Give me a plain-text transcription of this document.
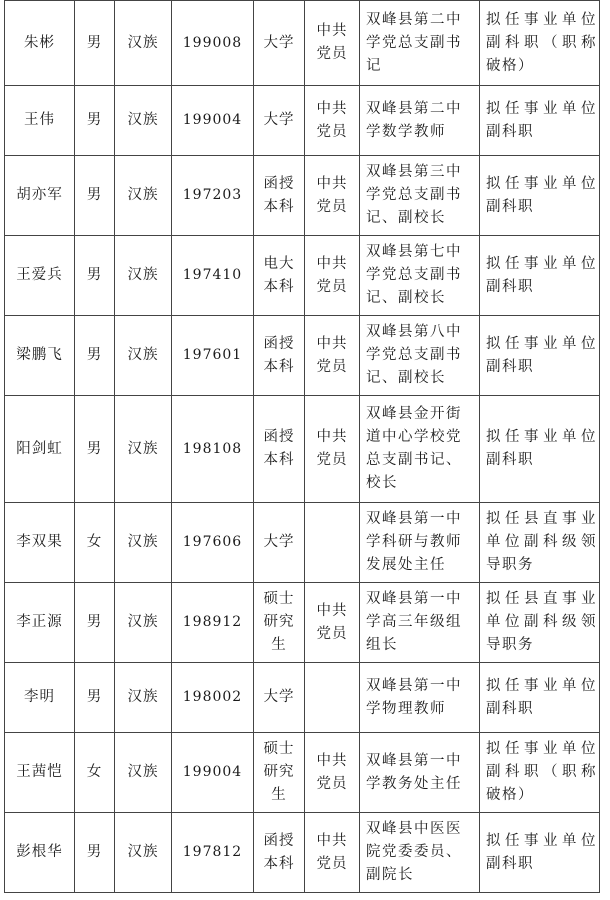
朱彬	男	汉族	199008	大学	中共党员	双峰县第二中学党总支副书记	拟任事业单位副科职（职称破格）

王伟	男	汉族	199004	大学	中共党员	双峰县第二中学数学教师	拟任事业单位副科职

胡亦军	男	汉族	197203	函授本科	中共党员	双峰县第三中学党总支副书记、副校长	拟任事业单位副科职

王爱兵	男	汉族	197410	电大本科	中共党员	双峰县第七中学党总支副书记、副校长	拟任事业单位副科职

梁鹏飞	男	汉族	197601	函授本科	中共党员	双峰县第八中学党总支副书记、副校长	拟任事业单位副科职

阳剑虹	男	汉族	198108	函授本科	中共党员	双峰县金开街道中心学校党总支副书记、校长	拟任事业单位副科职

李双果	女	汉族	197606	大学		双峰县第一中学科研与教师发展处主任	拟任县直事业单位副科级领导职务

李正源	男	汉族	198912	硕士研究生	中共党员	双峰县第一中学高三年级组组长	拟任县直事业单位副科级领导职务

李明	男	汉族	198002	大学		双峰县第一中学物理教师	拟任事业单位副科职

王茜恺	女	汉族	199004	硕士研究生	中共党员	双峰县第一中学教务处主任	拟任事业单位副科职（职称破格）

彭根华	男	汉族	197812	函授本科	中共党员	双峰县中医医院党委委员、副院长	拟任事业单位副科职
